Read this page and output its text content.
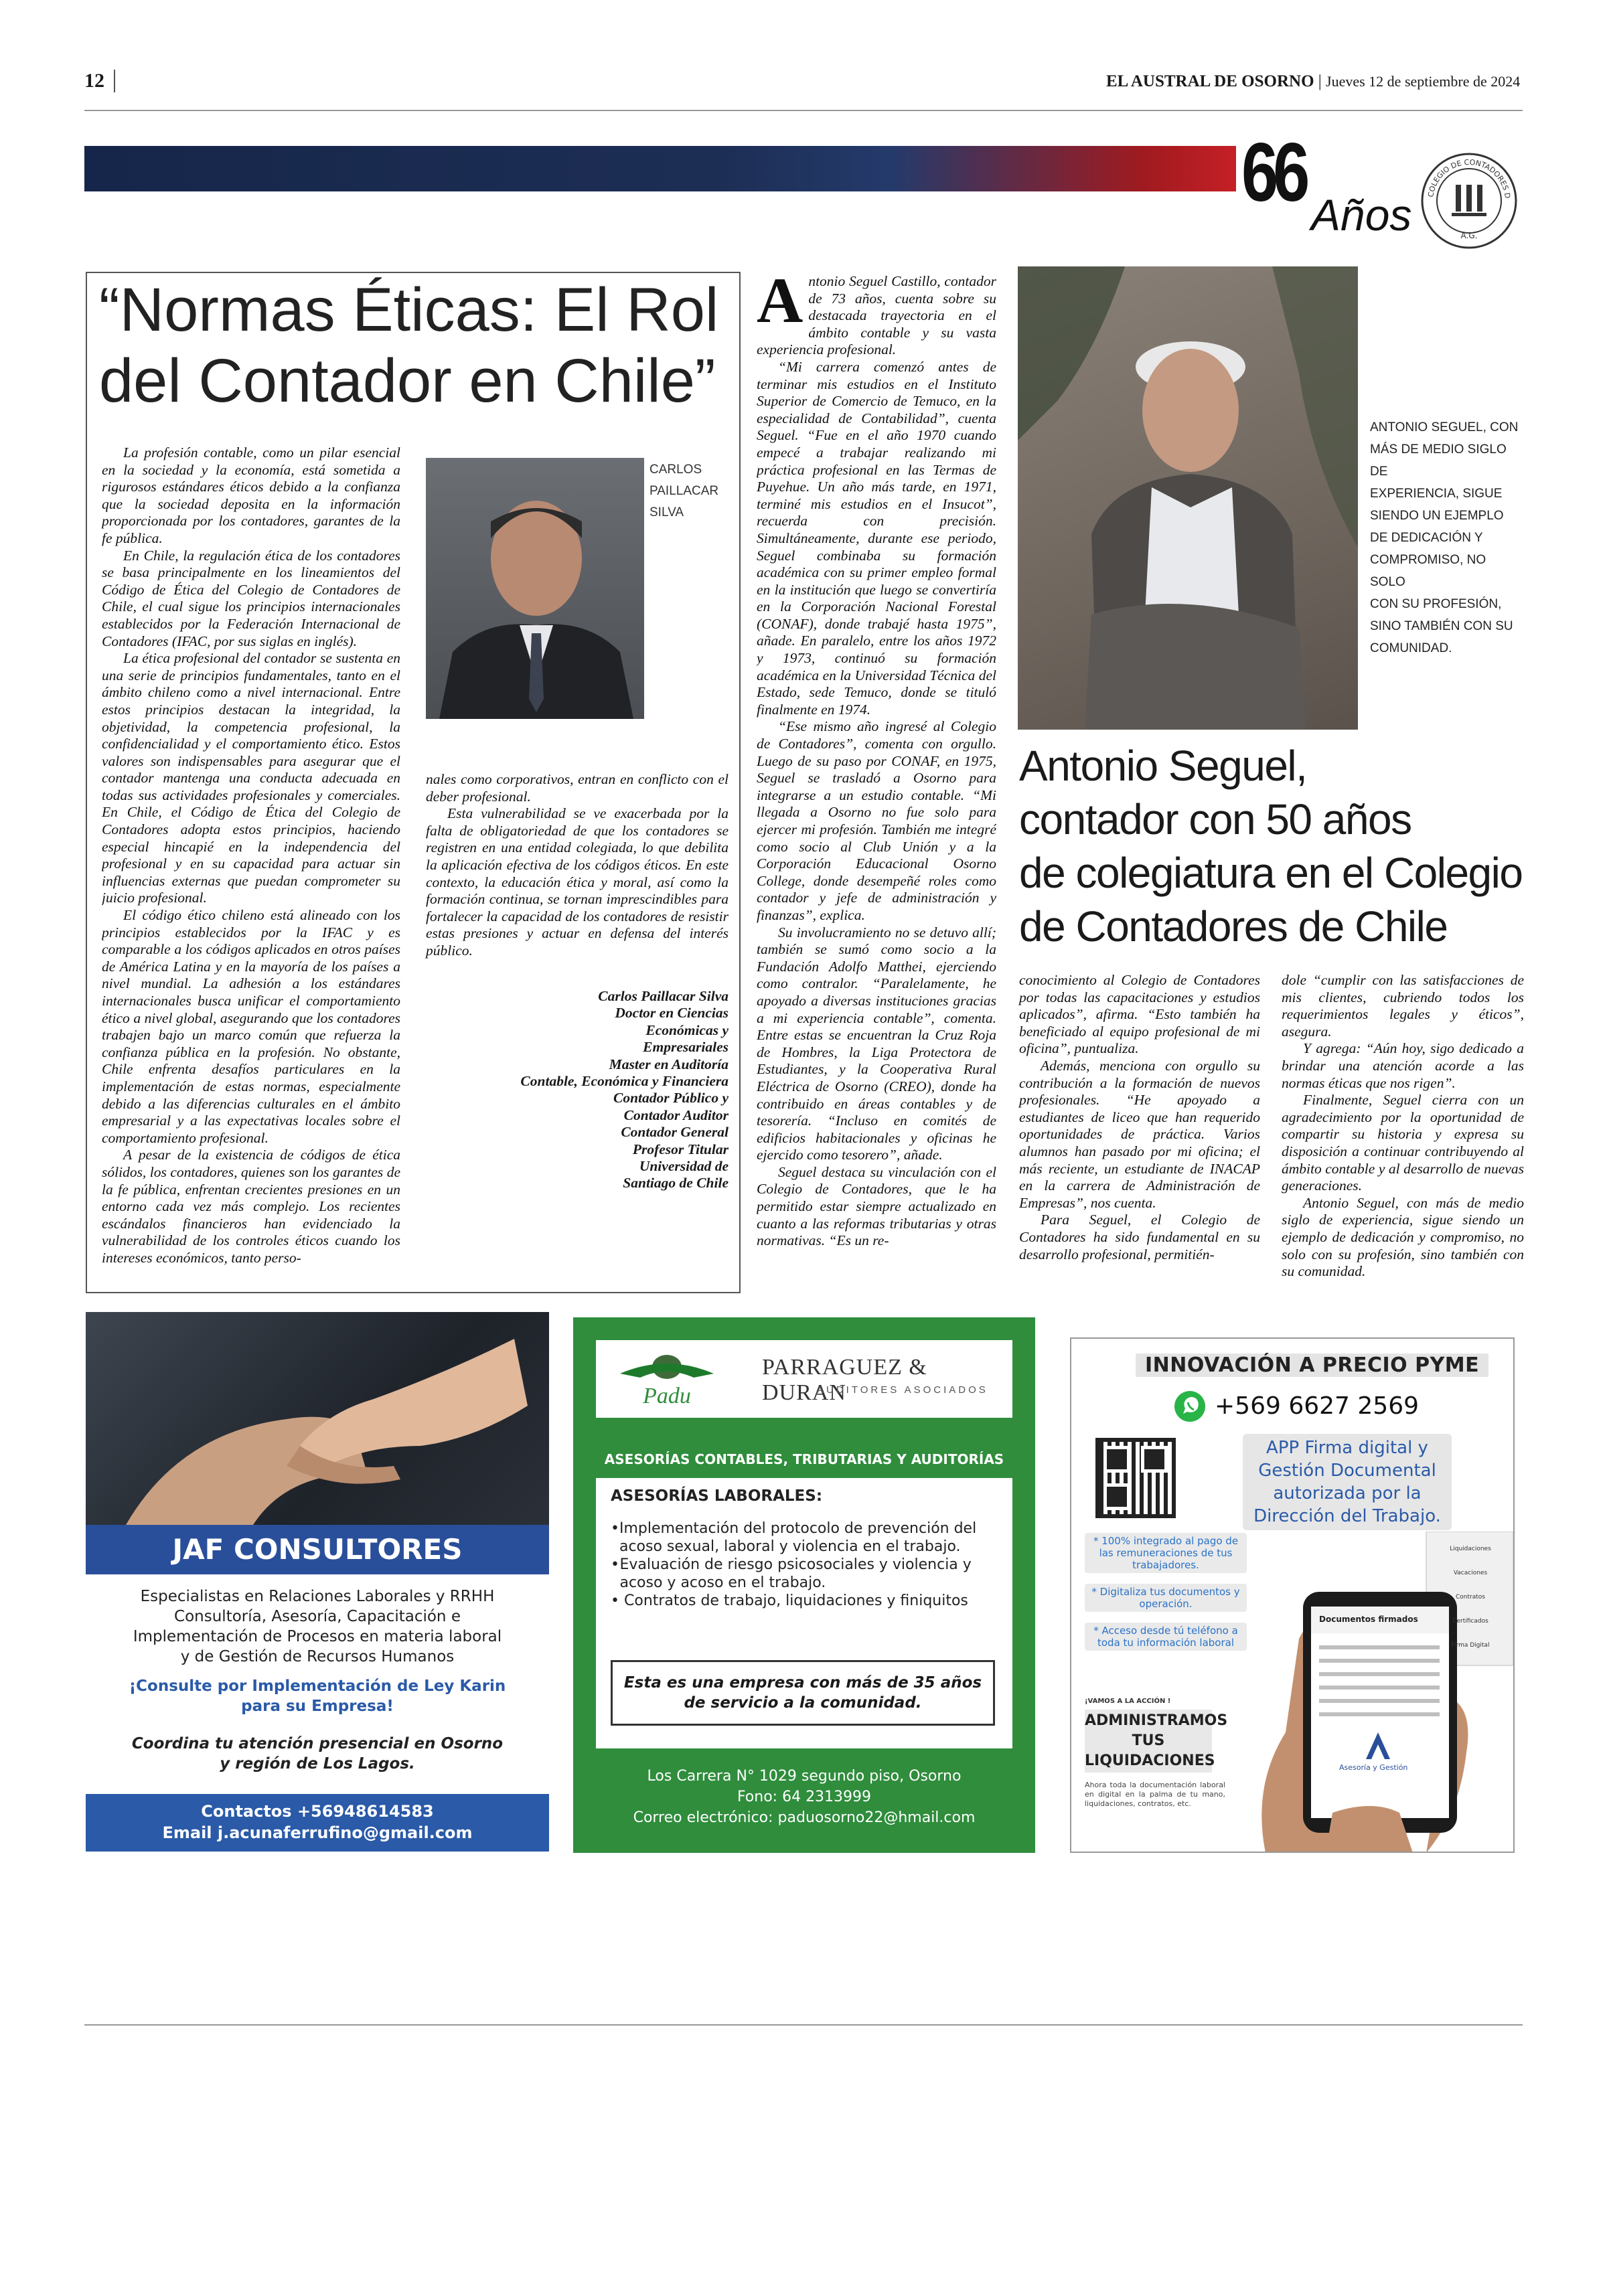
12	EL AUSTRAL DE OSORNO | Jueves 12 de septiembre de 2024
66 Años	COLEGIO DE CONTADORES D
A.G.
“Normas Éticas: El Rol
del Contador en Chile”

La profesión contable, como un pilar esencial en la sociedad y la economía, está sometida a rigurosos estándares éticos debido a la confianza que la sociedad deposita en la información proporcionada por los contadores, garantes de la fe pública.

En Chile, la regulación ética de los contadores se basa principalmente en los lineamientos del Código de Ética del Colegio de Contadores de Chile, el cual sigue los principios internacionales establecidos por la Federación Internacional de Contadores (IFAC, por sus siglas en inglés).

La ética profesional del contador se sustenta en una serie de principios fundamentales, tanto en el ámbito chileno como a nivel internacional. Entre estos principios destacan la integridad, la objetividad, la competencia profesional, la confidencialidad y el comportamiento ético. Estos valores son indispensables para asegurar que el contador mantenga una conducta adecuada en todas sus actividades profesionales y comerciales. En Chile, el Código de Ética del Colegio de Contadores adopta estos principios, haciendo especial hincapié en la independencia del profesional y en su capacidad para actuar sin influencias externas que puedan comprometer su juicio profesional.

El código ético chileno está alineado con los principios establecidos por la IFAC y es comparable a los códigos aplicados en otros países de América Latina y en la mayoría de los países a nivel mundial. La adhesión a los estándares internacionales busca unificar el comportamiento ético a nivel global, asegurando que los contadores trabajen bajo un marco común que refuerza la confianza pública en la profesión. No obstante, Chile enfrenta desafíos particulares en la implementación de estas normas, especialmente debido a las diferencias culturales en el ámbito empresarial y a las expectativas locales sobre el comportamiento profesional.

A pesar de la existencia de códigos de ética sólidos, los contadores, quienes son los garantes de la fe pública, enfrentan crecientes presiones en un entorno cada vez más complejo. Los recientes escándalos financieros han evidenciado la vulnerabilidad de los controles éticos cuando los intereses económicos, tanto perso-

CARLOS
PAILLACAR
SILVA

nales como corporativos, entran en conflicto con el deber profesional.

Esta vulnerabilidad se ve exacerbada por la falta de obligatoriedad de que los contadores se registren en una entidad colegiada, lo que debilita la aplicación efectiva de los códigos éticos. En este contexto, la educación ética y moral, así como la formación continua, se tornan imprescindibles para fortalecer la capacidad de los contadores de resistir estas presiones y actuar en defensa del interés público.

Carlos Paillacar Silva
Doctor en Ciencias
Económicas y
Empresariales
Master en Auditoría
Contable, Económica y Financiera
Contador Público y
Contador Auditor
Contador General
Profesor Titular
Universidad de
Santiago de Chile

Antonio Seguel Castillo, contador de 73 años, cuenta sobre su destacada trayectoria en el ámbito contable y su vasta experiencia profesional.

“Mi carrera comenzó antes de terminar mis estudios en el Instituto Superior de Comercio de Temuco, en la especialidad de Contabilidad”, cuenta Seguel. “Fue en el año 1970 cuando empecé a trabajar realizando mi práctica profesional en las Termas de Puyehue. Un año más tarde, en 1971, terminé mis estudios en el Insucot”, recuerda con precisión. Simultáneamente, durante ese periodo, Seguel combinaba su formación académica con su primer empleo formal en la institución que luego se convertiría en la Corporación Nacional Forestal (CONAF), donde trabajé hasta 1975”, añade. En paralelo, entre los años 1972 y 1973, continuó su formación académica en la Universidad Técnica del Estado, sede Temuco, donde se tituló finalmente en 1974.

“Ese mismo año ingresé al Colegio de Contadores”, comenta con orgullo. Luego de su paso por CONAF, en 1975, Seguel se trasladó a Osorno para integrarse a un estudio contable. “Mi llegada a Osorno no fue solo para ejercer mi profesión. También me integré como socio al Club Unión y a la Corporación Educacional Osorno College, donde desempeñé roles como contador y jefe de administración y finanzas”, explica.

Su involucramiento no se detuvo allí; también se sumó como socio a la Fundación Adolfo Matthei, ejerciendo como contralor. “Paralelamente, he apoyado a diversas instituciones gracias a mi experiencia contable”, comenta. Entre estas se encuentran la Cruz Roja de Hombres, la Liga Protectora de Estudiantes, y la Cooperativa Rural Eléctrica de Osorno (CREO), donde ha contribuido en áreas contables y de tesorería. “Incluso en comités de edificios habitacionales y oficinas he ejercido como tesorero”, añade.

Seguel destaca su vinculación con el Colegio de Contadores, que le ha permitido estar siempre actualizado en cuanto a las reformas tributarias y otras normativas. “Es un re-

ANTONIO SEGUEL, CON
MÁS DE MEDIO SIGLO DE
EXPERIENCIA, SIGUE
SIENDO UN EJEMPLO
DE DEDICACIÓN Y
COMPROMISO, NO SOLO
CON SU PROFESIÓN,
SINO TAMBIÉN CON SU
COMUNIDAD.
Antonio Seguel,
contador con 50 años
de colegiatura en el Colegio
de Contadores de Chile

conocimiento al Colegio de Contadores por todas las capacitaciones y estudios aplicados”, afirma. “Esto también ha beneficiado al equipo profesional de mi oficina”, puntualiza.

Además, menciona con orgullo su contribución a la formación de nuevos profesionales. “He apoyado a estudiantes de liceo que han requerido oportunidades de práctica. Varios alumnos han pasado por mi oficina; el más reciente, un estudiante de INACAP en la carrera de Administración de Empresas”, nos cuenta.

Para Seguel, el Colegio de Contadores ha sido fundamental en su desarrollo profesional, permitién-

dole “cumplir con las satisfacciones de mis clientes, cubriendo todos los requerimientos legales y éticos”, asegura.

Y agrega: “Aún hoy, sigo dedicado a brindar una atención acorde a las normas éticas que nos rigen”.

Finalmente, Seguel cierra con un agradecimiento por la oportunidad de compartir su historia y expresa su disposición a continuar contribuyendo al ámbito contable y al desarrollo de nuevas generaciones.

Antonio Seguel, con más de medio siglo de experiencia, sigue siendo un ejemplo de dedicación y compromiso, no solo con su profesión, sino también con su comunidad.

JAF CONSULTORES
Especialistas en Relaciones Laborales y RRHH
Consultoría, Asesoría, Capacitación e
Implementación de Procesos en materia laboral
y de Gestión de Recursos Humanos
¡Consulte por Implementación de Ley Karin
para su Empresa!
Coordina tu atención presencial en Osorno
y región de Los Lagos.
Contactos +56948614583
Email j.acunaferrufino@gmail.com
Padu
PARRAGUEZ & DURAN
AUDITORES ASOCIADOS
ASESORÍAS CONTABLES, TRIBUTARIAS Y AUDITORÍAS
ASESORÍAS LABORALES:
• Implementación del protocolo de prevención del acoso sexual, laboral y violencia en el trabajo.
• Evaluación de riesgo psicosociales y violencia y acoso y acoso en el trabajo.
• Contratos de trabajo, liquidaciones y finiquitos
Esta es una empresa con más de 35 años
de servicio a la comunidad.
Los Carrera N° 1029 segundo piso, Osorno
Fono: 64 2313999
Correo electrónico: paduosorno22@hmail.com
INNOVACIÓN A PRECIO PYME
+569 6627 2569
APP Firma digital y
Gestión Documental
autorizada por la
Dirección del Trabajo.
* 100% integrado al pago de las remuneraciones de tus trabajadores.
* Digitaliza tus documentos y operación.
* Acceso desde tú teléfono a toda tu información laboral
¡VAMOS A LA ACCIÓN !
ADMINISTRAMOS
TUS
LIQUIDACIONES
Ahora toda la documentación laboral en digital en la palma de tu mano, liquidaciones, contratos, etc.
Documentos firmados
Asesoría y Gestión
Liquidaciones
Vacaciones
Contratos
Certificados
Firma Digital
